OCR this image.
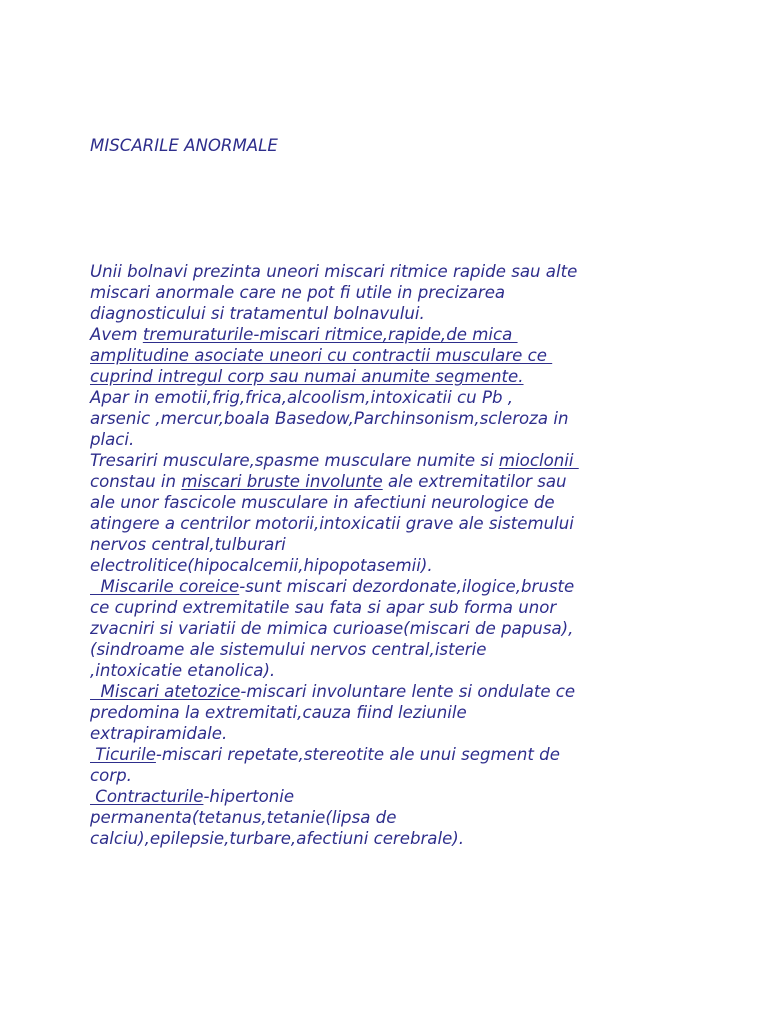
MISCARILE ANORMALE

Unii bolnavi prezinta uneori miscari ritmice rapide sau alte
miscari anormale care ne pot fi utile in precizarea
diagnosticului si tratamentul bolnavului.
Avem tremuraturile-miscari ritmice,rapide,de mica
amplitudine asociate uneori cu contractii musculare ce
cuprind intregul corp sau numai anumite segmente.
Apar in emotii,frig,frica,alcoolism,intoxicatii cu Pb ,
arsenic ,mercur,boala Basedow,Parchinsonism,scleroza in
placi.
Tresariri musculare,spasme musculare numite si mioclonii
constau in miscari bruste involunte ale extremitatilor sau
ale unor fascicole musculare in afectiuni neurologice de
atingere a centrilor motorii,intoxicatii grave ale sistemului
nervos central,tulburari
electrolitice(hipocalcemii,hipopotasemii).
Miscarile coreice-sunt miscari dezordonate,ilogice,bruste
ce cuprind extremitatile sau fata si apar sub forma unor
zvacniri si variatii de mimica curioase(miscari de papusa),
(sindroame ale sistemului nervos central,isterie
,intoxicatie etanolica).
Miscari atetozice-miscari involuntare lente si ondulate ce
predomina la extremitati,cauza fiind leziunile
extrapiramidale.
Ticurile-miscari repetate,stereotite ale unui segment de
corp.
Contracturile-hipertonie
permanenta(tetanus,tetanie(lipsa de
calciu),epilepsie,turbare,afectiuni cerebrale).
